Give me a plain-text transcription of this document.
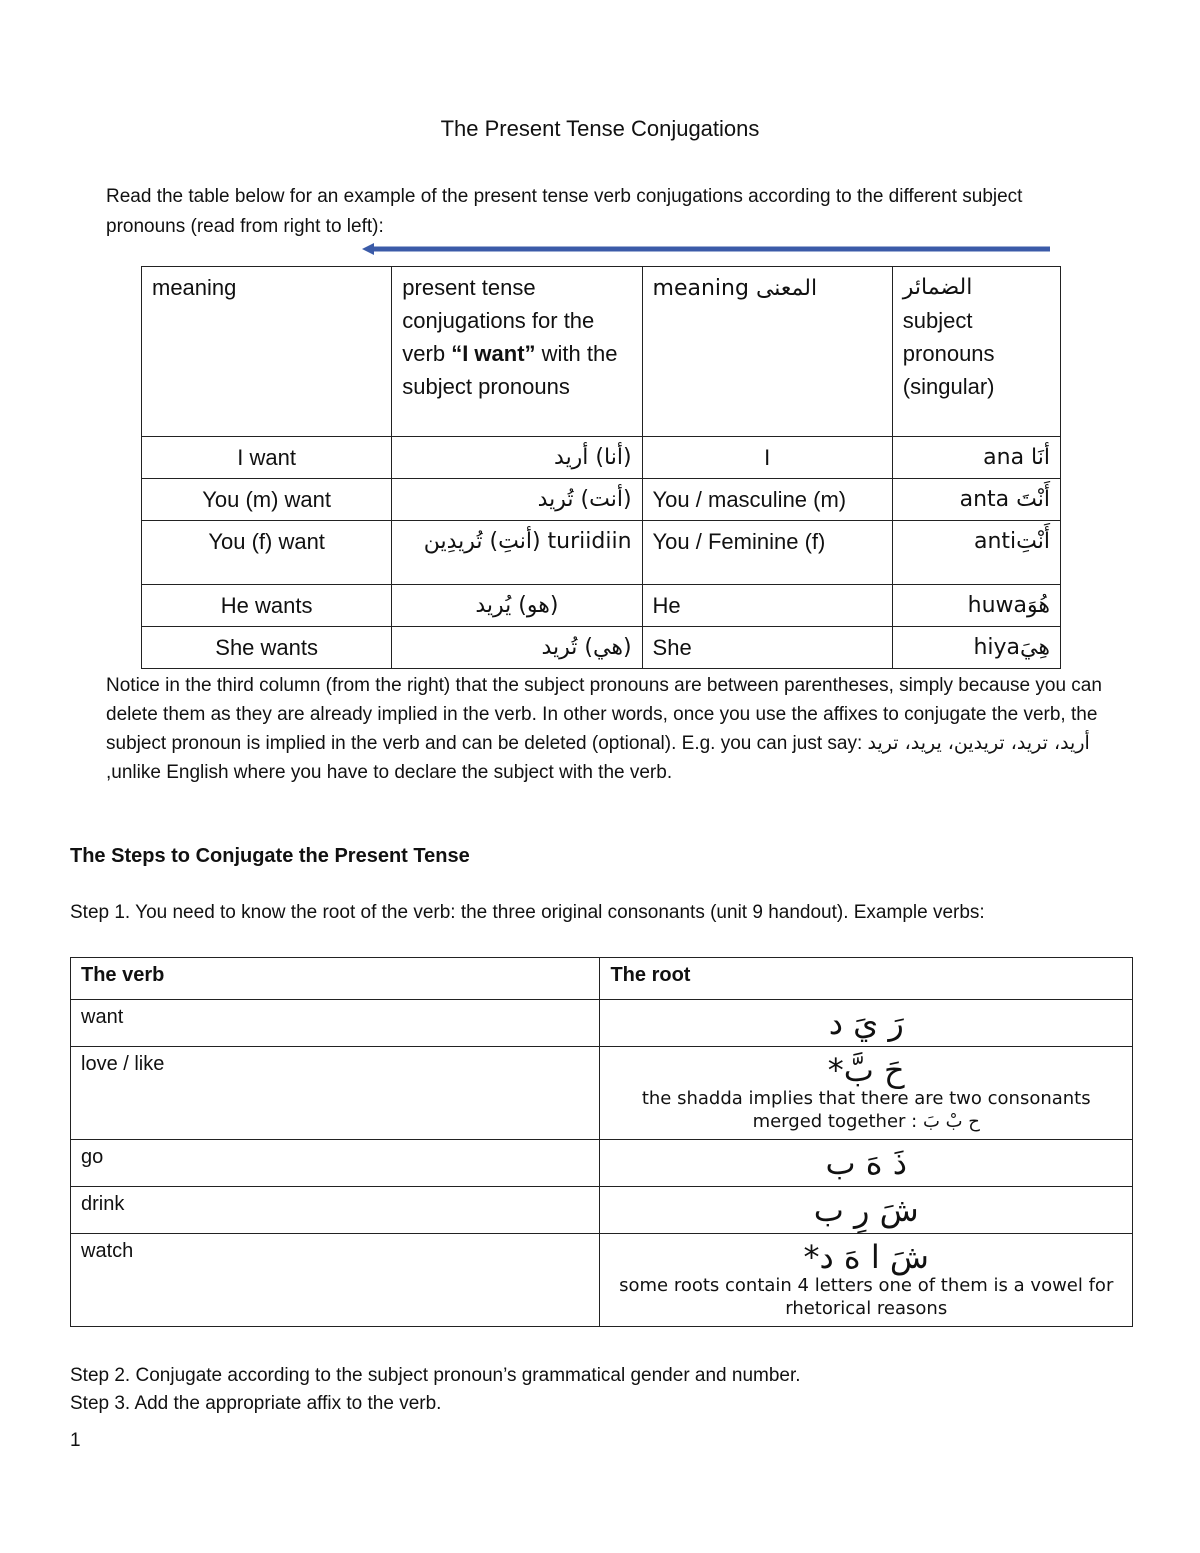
The Present Tense Conjugations
Read the table below for an example of the present tense verb conjugations according to the different subject pronouns (read from right to left):
meaning	present tense conjugations for the verb “I want” with the subject pronouns	meaning المعنى	الضمائر
subject pronouns (singular)

I want	(أنا) أريد	I	ana أنَا
You (m) want	(أنت) تُريد	You / masculine (m)	anta أَنْتَ
You (f) want	turiidiin (أنتِ) تُريدِين	You / Feminine (f)	antiأَنْتِ
He wants	(هو) يُريد	He	huwaهُوَ
She wants	(هي) تُريد	She	hiyaهِيَ
Notice in the third column (from the right) that the subject pronouns are between parentheses, simply because you can delete them as they are already implied in the verb. In other words, once you use the affixes to conjugate the verb, the subject pronoun is implied in the verb and can be deleted (optional). E.g. you can just say: أريد، تريد، تريدين، يريد، تريد ,unlike English where you have to declare the subject with the verb.
The Steps to Conjugate the Present Tense
Step 1. You need to know the root of the verb: the three original consonants (unit 9 handout). Example verbs:
The verb	The root
want	رَ يَ د

love / like	حَ بَّ*
the shadda implies that there are two consonants merged together : ح بْ بَ

go	ذَ هَ ب

drink	شَ رِ ب

watch	شَ ا هَ د*
some roots contain 4 letters one of them is a vowel for rhetorical reasons
Step 2. Conjugate according to the subject pronoun’s grammatical gender and number.
Step 3. Add the appropriate affix to the verb.
1
